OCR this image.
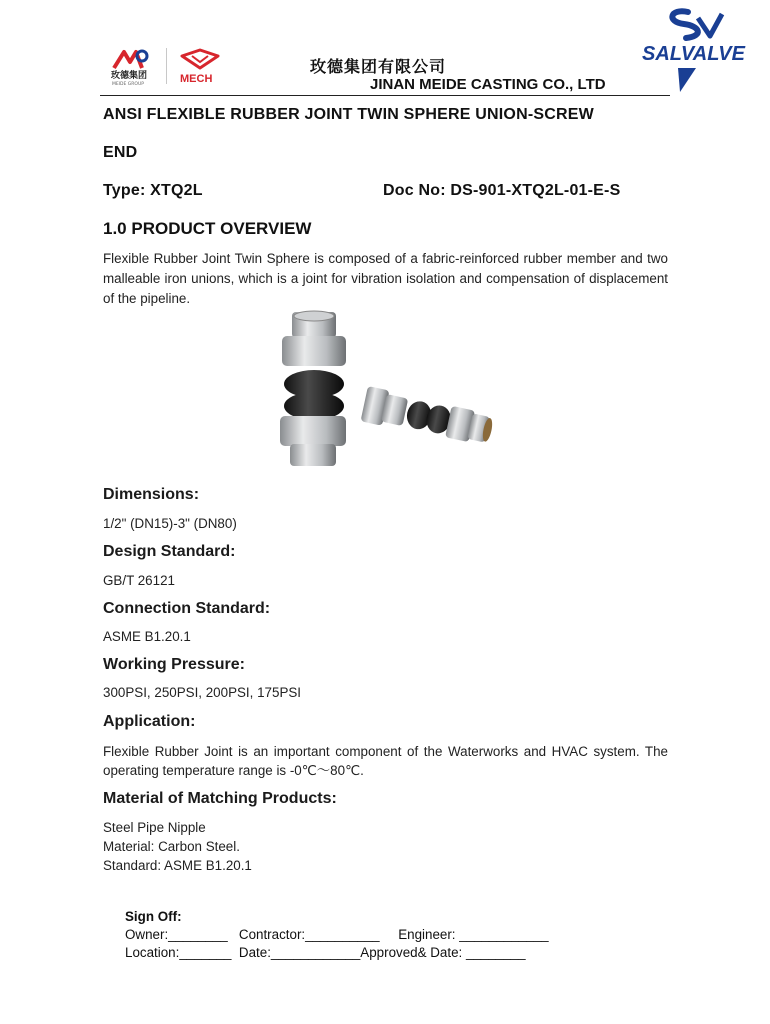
玫德集团
MEIDE GROUP	MECH
玫德集团有限公司
JINAN MEIDE CASTING CO., LTD
SALVALVE
ANSI FLEXIBLE RUBBER JOINT TWIN SPHERE UNION-SCREW
END
Type: XTQ2L	Doc No: DS-901-XTQ2L-01-E-S
1.0 PRODUCT OVERVIEW
Flexible Rubber Joint Twin Sphere is composed of a fabric-reinforced rubber member and two malleable iron unions, which is a joint for vibration isolation and compensation of displacement of the pipeline.
Dimensions:
1/2" (DN15)-3" (DN80)
Design Standard:
GB/T 26121
Connection Standard:
ASME B1.20.1
Working Pressure:
300PSI, 250PSI, 200PSI, 175PSI
Application:
Flexible Rubber Joint is an important component of the Waterworks and HVAC system. The operating temperature range is -0℃～80℃.
Material of Matching Products:
Steel Pipe Nipple
Material: Carbon Steel.
Standard: ASME B1.20.1
Sign Off:
Owner:________   Contractor:__________     Engineer: ____________
Location:_______  Date:____________Approved& Date: ________
